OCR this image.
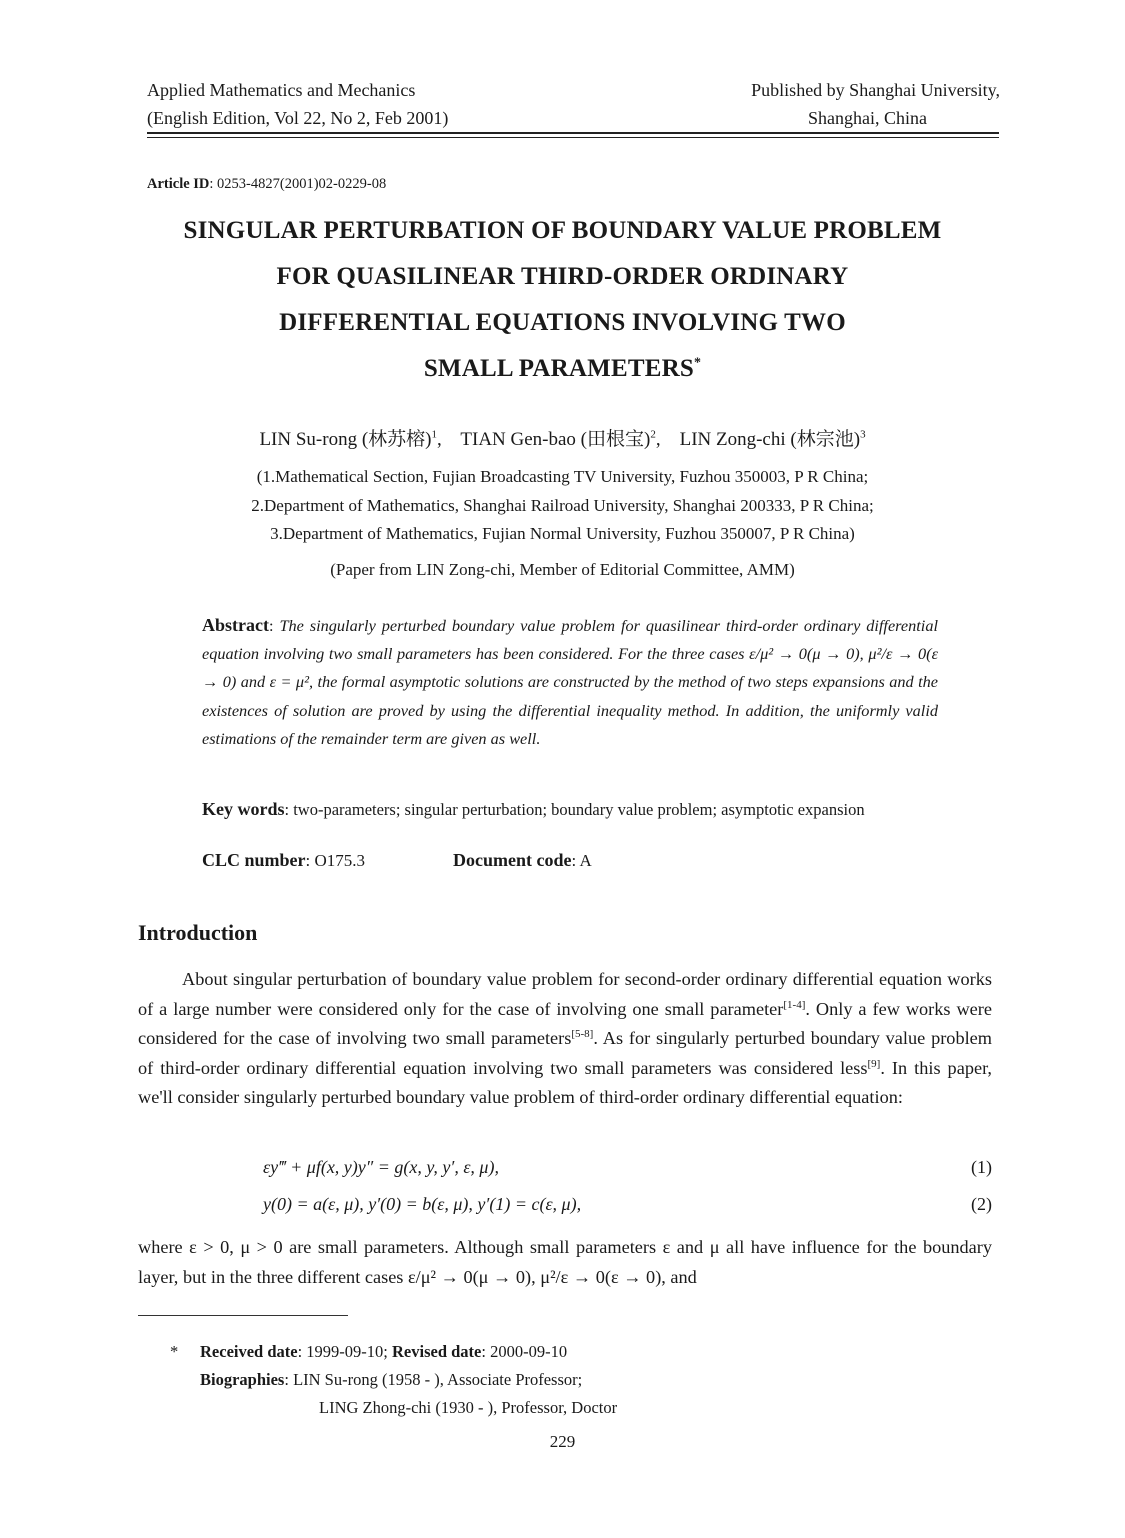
Applied Mathematics and Mechanics
(English Edition, Vol 22, No 2, Feb 2001)
Published by Shanghai University,
Shanghai, China
Article ID: 0253-4827(2001)02-0229-08
SINGULAR PERTURBATION OF BOUNDARY VALUE PROBLEM
FOR QUASILINEAR THIRD-ORDER ORDINARY
DIFFERENTIAL EQUATIONS INVOLVING TWO
SMALL PARAMETERS*
LIN Su-rong (林苏榕)$^1$,    TIAN Gen-bao (田根宝)$^2$,    LIN Zong-chi (林宗池)$^3$
(1.Mathematical Section, Fujian Broadcasting TV University, Fuzhou 350003, P R China;
2.Department of Mathematics, Shanghai Railroad University, Shanghai 200333, P R China;
3.Department of Mathematics, Fujian Normal University, Fuzhou 350007, P R China)
(Paper from LIN Zong-chi, Member of Editorial Committee, AMM)
Abstract: The singularly perturbed boundary value problem for quasilinear third-order ordinary differential equation involving two small parameters has been considered. For the three cases ε/μ² → 0(μ → 0), μ²/ε → 0(ε → 0) and ε = μ², the formal asymptotic solutions are constructed by the method of two steps expansions and the existences of solution are proved by using the differential inequality method. In addition, the uniformly valid estimations of the remainder term are given as well.
Key words: two-parameters; singular perturbation; boundary value problem; asymptotic expansion
CLC number: O175.3	Document code: A
Introduction
About singular perturbation of boundary value problem for second-order ordinary differential equation works of a large number were considered only for the case of involving one small parameter[1-4]. Only a few works were considered for the case of involving two small parameters[5-8]. As for singularly perturbed boundary value problem of third-order ordinary differential equation involving two small parameters was considered less[9]. In this paper, we'll consider singularly perturbed boundary value problem of third-order ordinary differential equation:
εy‴ + μf(x, y)y″ = g(x, y, y′, ε, μ),	(1)
y(0) = a(ε, μ), y′(0) = b(ε, μ), y′(1) = c(ε, μ),	(2)
where ε > 0, μ > 0 are small parameters. Although small parameters ε and μ all have influence for the boundary layer, but in the three different cases ε/μ² → 0(μ → 0), μ²/ε → 0(ε → 0), and
* Received date: 1999-09-10; Revised date: 2000-09-10
Biographies: LIN Su-rong (1958 - ), Associate Professor;
LING Zhong-chi (1930 - ), Professor, Doctor
229
